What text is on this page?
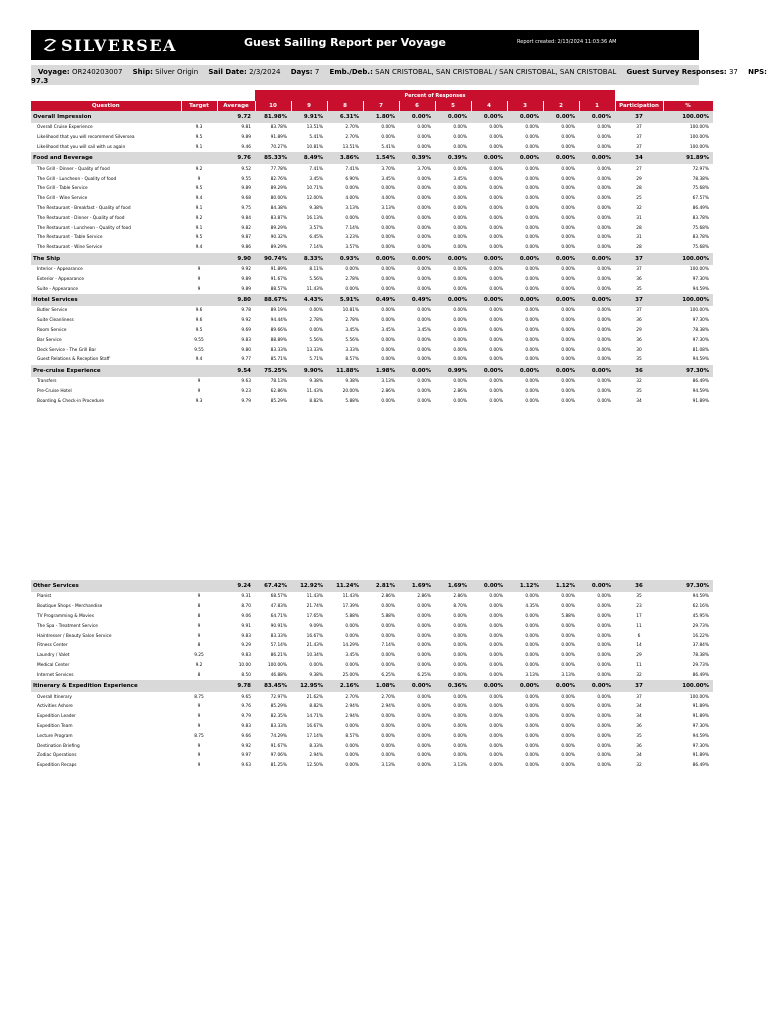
SILVERSEA	Guest Sailing Report per Voyage	Report created: 2/13/2024 11:03:36 AM
Voyage: OR240203007 Ship: Silver Origin Sail Date: 2/3/2024 Days: 7 Emb./Deb.: SAN CRISTOBAL, SAN CRISTOBAL / SAN CRISTOBAL, SAN CRISTOBAL Guest Survey Responses: 37 NPS:
97.3
			Percent of Responses											
Question	Target	Average	10	9	8	7	6	5	4	3	2	1	Participation	%

Overall Impression		9.72	81.98%	9.91%	6.31%	1.80%	0.00%	0.00%	0.00%	0.00%	0.00%	0.00%	37	100.00%

Overall Cruise Experience	9.3	9.81	83.78%	13.51%	2.70%	0.00%	0.00%	0.00%	0.00%	0.00%	0.00%	0.00%	37	100.00%
Likelihood that you will recommend Silversea	9.5	9.89	91.89%	5.41%	2.70%	0.00%	0.00%	0.00%	0.00%	0.00%	0.00%	0.00%	37	100.00%
Likelihood that you will sail with us again	9.1	9.46	70.27%	10.81%	13.51%	5.41%	0.00%	0.00%	0.00%	0.00%	0.00%	0.00%	37	100.00%

Food and Beverage		9.76	85.33%	8.49%	3.86%	1.54%	0.39%	0.39%	0.00%	0.00%	0.00%	0.00%	34	91.89%

The Grill - Dinner - Quality of food	9.2	9.52	77.78%	7.41%	7.41%	3.70%	3.70%	0.00%	0.00%	0.00%	0.00%	0.00%	27	72.97%
The Grill - Luncheon - Quality of food	9	9.55	82.76%	3.45%	6.90%	3.45%	0.00%	3.45%	0.00%	0.00%	0.00%	0.00%	29	78.38%
The Grill - Table Service	9.5	9.89	89.29%	10.71%	0.00%	0.00%	0.00%	0.00%	0.00%	0.00%	0.00%	0.00%	28	75.68%
The Grill - Wine Service	9.4	9.68	80.00%	12.00%	4.00%	4.00%	0.00%	0.00%	0.00%	0.00%	0.00%	0.00%	25	67.57%
The Restaurant - Breakfast - Quality of food	9.1	9.75	84.38%	9.38%	3.13%	3.13%	0.00%	0.00%	0.00%	0.00%	0.00%	0.00%	32	86.49%
The Restaurant - Dinner - Quality of food	9.2	9.84	83.87%	16.13%	0.00%	0.00%	0.00%	0.00%	0.00%	0.00%	0.00%	0.00%	31	83.78%
The Restaurant - Luncheon - Quality of food	9.1	9.82	89.29%	3.57%	7.14%	0.00%	0.00%	0.00%	0.00%	0.00%	0.00%	0.00%	28	75.68%
The Restaurant - Table Service	9.5	9.87	90.32%	6.45%	3.23%	0.00%	0.00%	0.00%	0.00%	0.00%	0.00%	0.00%	31	83.78%
The Restaurant - Wine Service	9.4	9.86	89.29%	7.14%	3.57%	0.00%	0.00%	0.00%	0.00%	0.00%	0.00%	0.00%	28	75.68%

The Ship		9.90	90.74%	8.33%	0.93%	0.00%	0.00%	0.00%	0.00%	0.00%	0.00%	0.00%	37	100.00%

Interior - Appearance	9	9.92	91.89%	8.11%	0.00%	0.00%	0.00%	0.00%	0.00%	0.00%	0.00%	0.00%	37	100.00%
Exterior - Appearance	9	9.89	91.67%	5.56%	2.78%	0.00%	0.00%	0.00%	0.00%	0.00%	0.00%	0.00%	36	97.30%
Suite - Appearance	9	9.89	88.57%	11.43%	0.00%	0.00%	0.00%	0.00%	0.00%	0.00%	0.00%	0.00%	35	94.59%

Hotel Services		9.80	88.67%	4.43%	5.91%	0.49%	0.49%	0.00%	0.00%	0.00%	0.00%	0.00%	37	100.00%

Butler Service	9.6	9.78	89.19%	0.00%	10.81%	0.00%	0.00%	0.00%	0.00%	0.00%	0.00%	0.00%	37	100.00%
Suite Cleanliness	9.6	9.92	94.44%	2.78%	2.78%	0.00%	0.00%	0.00%	0.00%	0.00%	0.00%	0.00%	36	97.30%
Room Service	9.5	9.69	89.66%	0.00%	3.45%	3.45%	3.45%	0.00%	0.00%	0.00%	0.00%	0.00%	29	78.38%
Bar Service	9.55	9.83	88.89%	5.56%	5.56%	0.00%	0.00%	0.00%	0.00%	0.00%	0.00%	0.00%	36	97.30%
Deck Service - The Grill Bar	9.55	9.80	83.33%	13.33%	3.33%	0.00%	0.00%	0.00%	0.00%	0.00%	0.00%	0.00%	30	81.08%
Guest Relations & Reception Staff	9.4	9.77	85.71%	5.71%	8.57%	0.00%	0.00%	0.00%	0.00%	0.00%	0.00%	0.00%	35	94.59%

Pre-cruise Experience		9.54	75.25%	9.90%	11.88%	1.98%	0.00%	0.99%	0.00%	0.00%	0.00%	0.00%	36	97.30%

Transfers	9	9.63	78.13%	9.38%	9.38%	3.13%	0.00%	0.00%	0.00%	0.00%	0.00%	0.00%	32	86.49%
Pre-Cruise Hotel	9	9.23	62.86%	11.43%	20.00%	2.86%	0.00%	2.86%	0.00%	0.00%	0.00%	0.00%	35	94.59%
Boarding & Check-in Procedure	9.3	9.79	85.29%	8.82%	5.88%	0.00%	0.00%	0.00%	0.00%	0.00%	0.00%	0.00%	34	91.89%

Other Services		9.24	67.42%	12.92%	11.24%	2.81%	1.69%	1.69%	0.00%	1.12%	1.12%	0.00%	36	97.30%

Pianist	9	9.31	68.57%	11.43%	11.43%	2.86%	2.86%	2.86%	0.00%	0.00%	0.00%	0.00%	35	94.59%
Boutique Shops - Merchandise	8	8.70	47.83%	21.74%	17.39%	0.00%	0.00%	8.70%	0.00%	4.35%	0.00%	0.00%	23	62.16%
TV Programming & Movies	8	9.06	64.71%	17.65%	5.88%	5.88%	0.00%	0.00%	0.00%	0.00%	5.88%	0.00%	17	45.95%
The Spa - Treatment Service	9	9.91	90.91%	9.09%	0.00%	0.00%	0.00%	0.00%	0.00%	0.00%	0.00%	0.00%	11	29.73%
Hairdresser / Beauty Salon Service	9	9.83	83.33%	16.67%	0.00%	0.00%	0.00%	0.00%	0.00%	0.00%	0.00%	0.00%	6	16.22%
Fitness Center	8	9.29	57.14%	21.43%	14.29%	7.14%	0.00%	0.00%	0.00%	0.00%	0.00%	0.00%	14	37.84%
Laundry / Valet	9.25	9.83	86.21%	10.34%	3.45%	0.00%	0.00%	0.00%	0.00%	0.00%	0.00%	0.00%	29	78.38%
Medical Center	9.2	10.00	100.00%	0.00%	0.00%	0.00%	0.00%	0.00%	0.00%	0.00%	0.00%	0.00%	11	29.73%
Internet Services	8	8.50	46.88%	9.38%	25.00%	6.25%	6.25%	0.00%	0.00%	3.13%	3.13%	0.00%	32	86.49%

Itinerary & Expedition Experience		9.78	83.45%	12.95%	2.16%	1.08%	0.00%	0.36%	0.00%	0.00%	0.00%	0.00%	37	100.00%

Overall Itinerary	8.75	9.65	72.97%	21.62%	2.70%	2.70%	0.00%	0.00%	0.00%	0.00%	0.00%	0.00%	37	100.00%
Activities Ashore	9	9.76	85.29%	8.82%	2.94%	2.94%	0.00%	0.00%	0.00%	0.00%	0.00%	0.00%	34	91.89%
Expedition Leader	9	9.79	82.35%	14.71%	2.94%	0.00%	0.00%	0.00%	0.00%	0.00%	0.00%	0.00%	34	91.89%
Expedition Team	9	9.83	83.33%	16.67%	0.00%	0.00%	0.00%	0.00%	0.00%	0.00%	0.00%	0.00%	36	97.30%
Lecture Program	8.75	9.66	74.29%	17.14%	8.57%	0.00%	0.00%	0.00%	0.00%	0.00%	0.00%	0.00%	35	94.59%
Destination Briefing	9	9.92	91.67%	8.33%	0.00%	0.00%	0.00%	0.00%	0.00%	0.00%	0.00%	0.00%	36	97.30%
Zodiac Operations	9	9.97	97.06%	2.94%	0.00%	0.00%	0.00%	0.00%	0.00%	0.00%	0.00%	0.00%	34	91.89%
Expedition Recaps	9	9.63	81.25%	12.50%	0.00%	3.13%	0.00%	3.13%	0.00%	0.00%	0.00%	0.00%	32	86.49%
